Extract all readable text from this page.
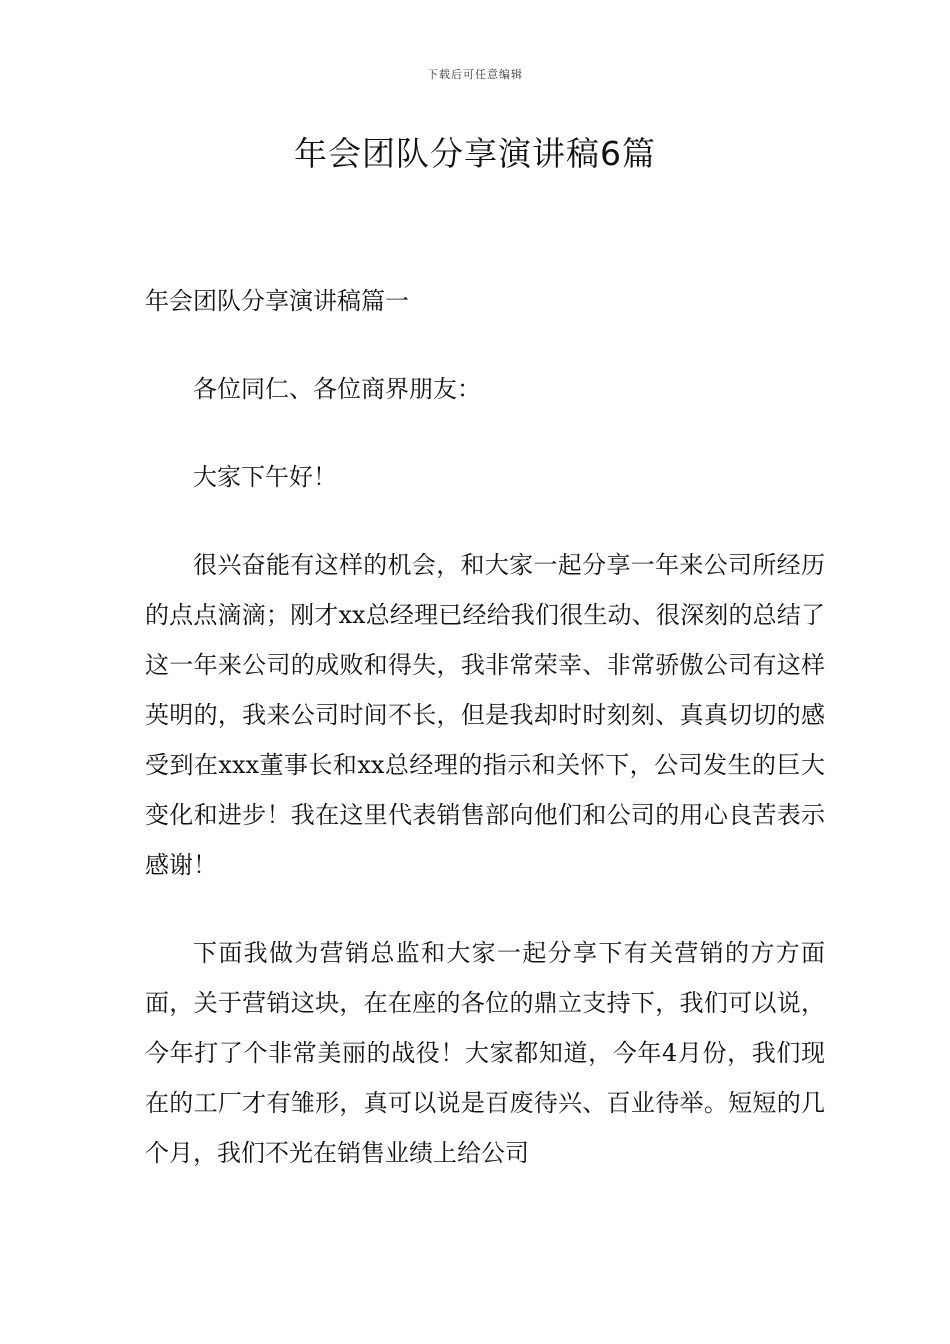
下载后可任意编辑
年会团队分享演讲稿6篇
年会团队分享演讲稿篇一

各位同仁、各位商界朋友：

大家下午好！

很兴奋能有这样的机会，和大家一起分享一年来公司所经历的点点滴滴；刚才xx总经理已经给我们很生动、很深刻的总结了这一年来公司的成败和得失，我非常荣幸、非常骄傲公司有这样英明的，我来公司时间不长，但是我却时时刻刻、真真切切的感受到在xxx董事长和xx总经理的指示和关怀下，公司发生的巨大变化和进步！我在这里代表销售部向他们和公司的用心良苦表示感谢！

下面我做为营销总监和大家一起分享下有关营销的方方面面，关于营销这块，在在座的各位的鼎立支持下，我们可以说，今年打了个非常美丽的战役！大家都知道，今年4月份，我们现在的工厂才有雏形，真可以说是百废待兴、百业待举。短短的几个月，我们不光在销售业绩上给公司
